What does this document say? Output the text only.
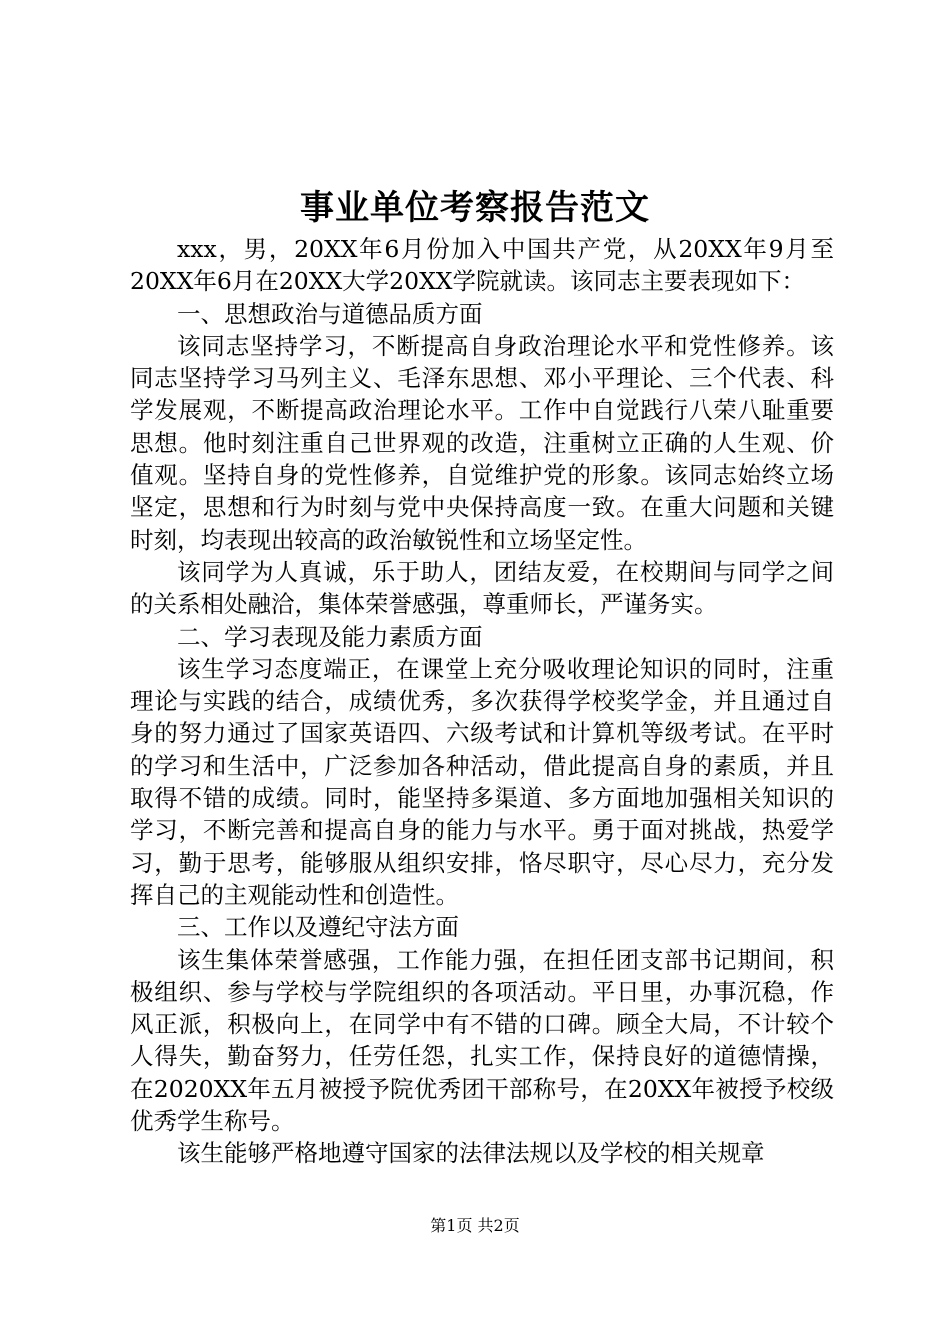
事业单位考察报告范文

xxx，男，20XX年6月份加入中国共产党，从20XX年9月至20XX年6月在20XX大学20XX学院就读。该同志主要表现如下：

一、思想政治与道德品质方面

该同志坚持学习，不断提高自身政治理论水平和党性修养。该同志坚持学习马列主义、毛泽东思想、邓小平理论、三个代表、科学发展观，不断提高政治理论水平。工作中自觉践行八荣八耻重要思想。他时刻注重自己世界观的改造，注重树立正确的人生观、价值观。坚持自身的党性修养，自觉维护党的形象。该同志始终立场坚定，思想和行为时刻与党中央保持高度一致。在重大问题和关键时刻，均表现出较高的政治敏锐性和立场坚定性。

该同学为人真诚，乐于助人，团结友爱，在校期间与同学之间的关系相处融洽，集体荣誉感强，尊重师长，严谨务实。

二、学习表现及能力素质方面

该生学习态度端正，在课堂上充分吸收理论知识的同时，注重理论与实践的结合，成绩优秀，多次获得学校奖学金，并且通过自身的努力通过了国家英语四、六级考试和计算机等级考试。在平时的学习和生活中，广泛参加各种活动，借此提高自身的素质，并且取得不错的成绩。同时，能坚持多渠道、多方面地加强相关知识的学习，不断完善和提高自身的能力与水平。勇于面对挑战，热爱学习，勤于思考，能够服从组织安排，恪尽职守，尽心尽力，充分发挥自己的主观能动性和创造性。

三、工作以及遵纪守法方面

该生集体荣誉感强，工作能力强，在担任团支部书记期间，积极组织、参与学校与学院组织的各项活动。平日里，办事沉稳，作风正派，积极向上，在同学中有不错的口碑。顾全大局，不计较个人得失，勤奋努力，任劳任怨，扎实工作，保持良好的道德情操，在2020XX年五月被授予院优秀团干部称号，在20XX年被授予校级优秀学生称号。

该生能够严格地遵守国家的法律法规以及学校的相关规章

第1页 共2页
